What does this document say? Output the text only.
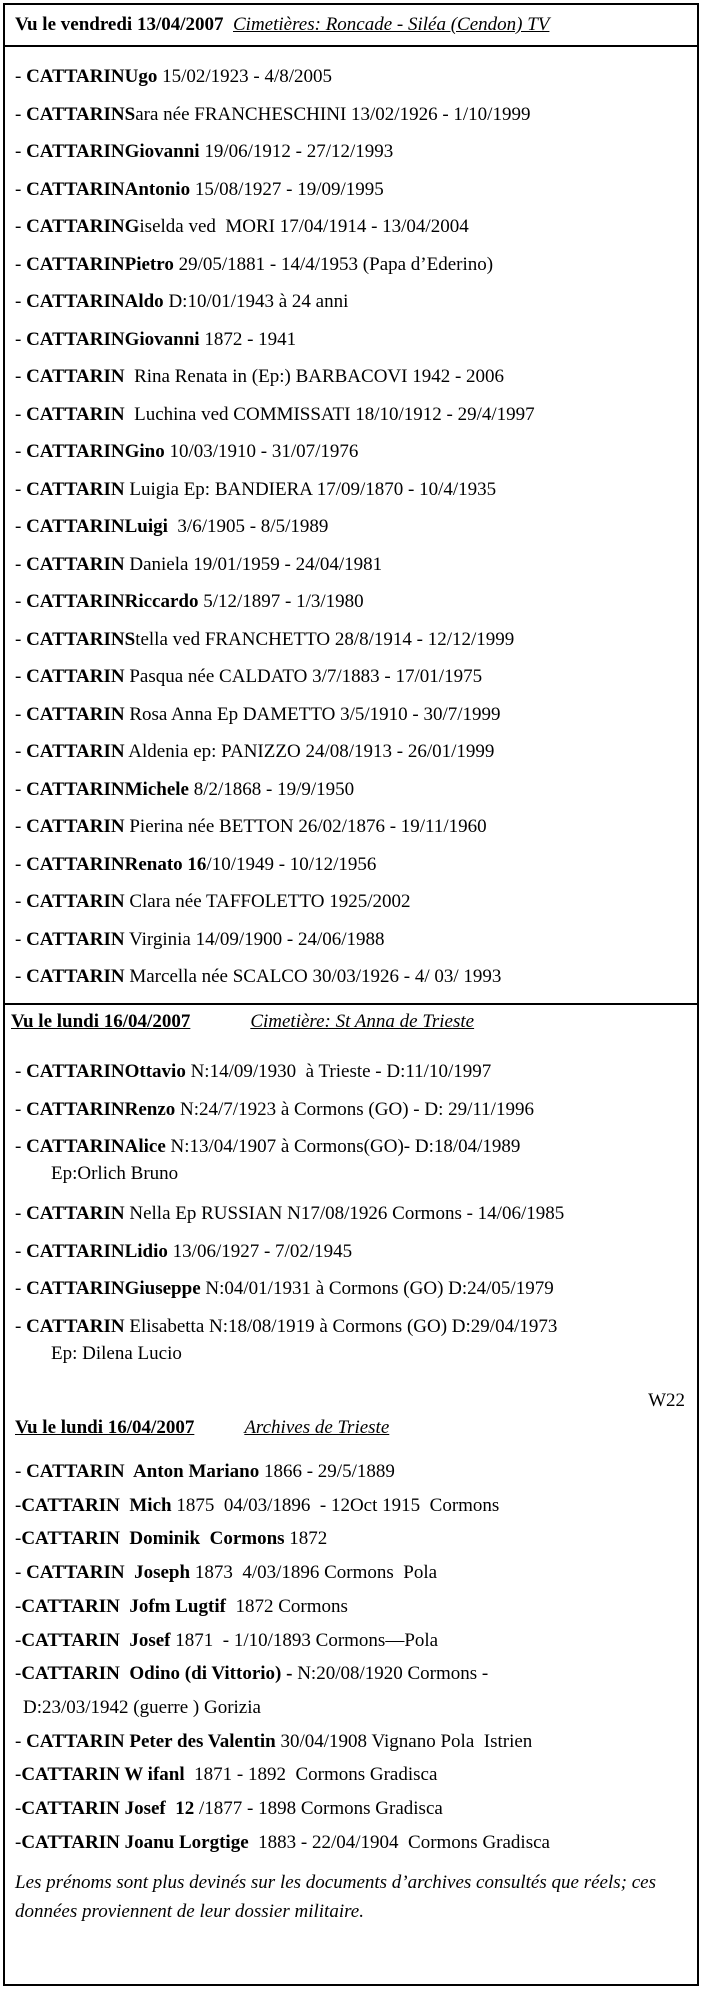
Vu le vendredi 13/04/2007 Cimetières: Roncade - Siléa (Cendon) TV
- CATTARINUgo 15/02/1923 - 4/8/2005
- CATTARINSara née FRANCHESCHINI 13/02/1926 - 1/10/1999
- CATTARINGiovanni 19/06/1912 - 27/12/1993
- CATTARINAntonio 15/08/1927 - 19/09/1995
- CATTARINGiselda ved  MORI 17/04/1914 - 13/04/2004
- CATTARINPietro 29/05/1881 - 14/4/1953 (Papa d’Ederino)
- CATTARINAldo D:10/01/1943 à 24 anni
- CATTARINGiovanni 1872 - 1941
- CATTARIN  Rina Renata in (Ep:) BARBACOVI 1942 - 2006
- CATTARIN  Luchina ved COMMISSATI 18/10/1912 - 29/4/1997
- CATTARINGino 10/03/1910 - 31/07/1976
- CATTARIN Luigia Ep: BANDIERA 17/09/1870 - 10/4/1935
- CATTARINLuigi  3/6/1905 - 8/5/1989
- CATTARIN Daniela 19/01/1959 - 24/04/1981
- CATTARINRiccardo 5/12/1897 - 1/3/1980
- CATTARINStella ved FRANCHETTO 28/8/1914 - 12/12/1999
- CATTARIN Pasqua née CALDATO 3/7/1883 - 17/01/1975
- CATTARIN Rosa Anna Ep DAMETTO 3/5/1910 - 30/7/1999
- CATTARIN Aldenia ep: PANIZZO 24/08/1913 - 26/01/1999
- CATTARINMichele 8/2/1868 - 19/9/1950
- CATTARIN Pierina née BETTON 26/02/1876 - 19/11/1960
- CATTARINRenato 16/10/1949 - 10/12/1956
- CATTARIN Clara née TAFFOLETTO 1925/2002
- CATTARIN Virginia 14/09/1900 - 24/06/1988
- CATTARIN Marcella née SCALCO 30/03/1926 - 4/ 03/ 1993
Vu le lundi 16/04/2007	Cimetière: St Anna de Trieste
- CATTARINOttavio N:14/09/1930  à Trieste - D:11/10/1997
- CATTARINRenzo N:24/7/1923 à Cormons (GO) - D: 29/11/1996
- CATTARINAlice N:13/04/1907 à Cormons(GO)- D:18/04/1989
Ep:Orlich Bruno
- CATTARIN Nella Ep RUSSIAN N17/08/1926 Cormons - 14/06/1985
- CATTARINLidio 13/06/1927 - 7/02/1945
- CATTARINGiuseppe N:04/01/1931 à Cormons (GO) D:24/05/1979
- CATTARIN Elisabetta N:18/08/1919 à Cormons (GO) D:29/04/1973
Ep: Dilena Lucio
W22
Vu le lundi 16/04/2007	Archives de Trieste
- CATTARIN  Anton Mariano 1866 - 29/5/1889
-CATTARIN  Mich 1875  04/03/1896  - 12Oct 1915  Cormons
-CATTARIN  Dominik  Cormons 1872
- CATTARIN  Joseph 1873  4/03/1896 Cormons  Pola
-CATTARIN  Jofm Lugtif  1872 Cormons
-CATTARIN  Josef 1871  - 1/10/1893 Cormons—Pola
-CATTARIN  Odino (di Vittorio) - N:20/08/1920 Cormons -
D:23/03/1942 (guerre ) Gorizia
- CATTARIN Peter des Valentin 30/04/1908 Vignano Pola  Istrien
-CATTARIN W ifanl  1871 - 1892  Cormons Gradisca
-CATTARIN Josef  12 /1877 - 1898 Cormons Gradisca
-CATTARIN Joanu Lorgtige  1883 - 22/04/1904  Cormons Gradisca
Les prénoms sont plus devinés sur les documents d’archives consultés que réels; ces données proviennent de leur dossier militaire.
